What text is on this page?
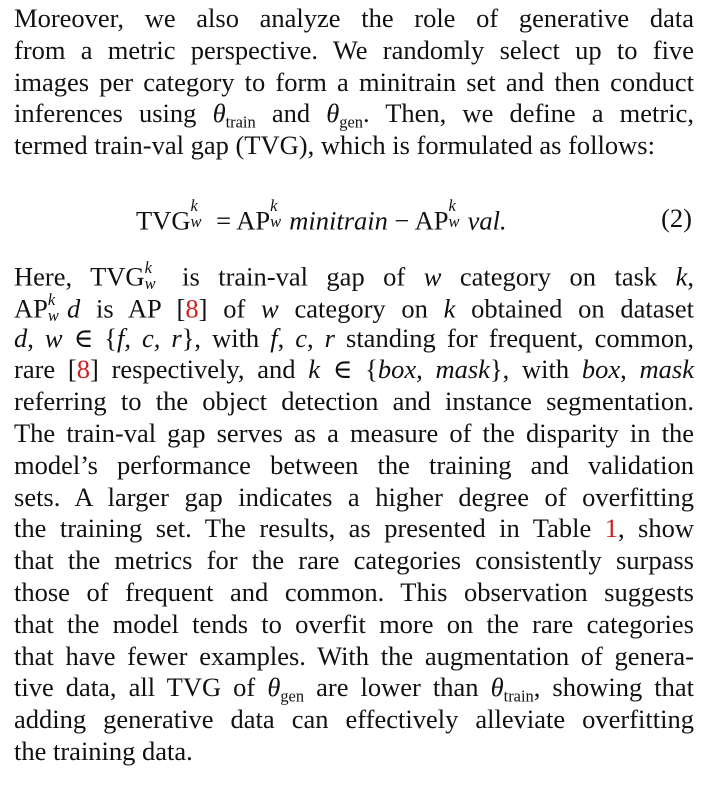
Moreover, we also analyze the role of generative data
from a metric perspective. We randomly select up to five
images per category to form a minitrain set and then conduct
inferences using $\theta_{train}$ and $\theta_{gen}$. Then, we define a metric,
termed train-val gap (TVG), which is formulated as follows:
TVG k
w = AP k
w minitrain − AP k
w val.	(2)
Here, TVG k
w is train-val gap of w category on task k,
AP k
w d is AP [8] of w category on k obtained on dataset
d, w ∈ {f, c, r}, with f, c, r standing for frequent, common,
rare [8] respectively, and k ∈ {box, mask}, with box, mask
referring to the object detection and instance segmentation.
The train-val gap serves as a measure of the disparity in the
model’s performance between the training and validation
sets. A larger gap indicates a higher degree of overfitting
the training set. The results, as presented in Table 1, show
that the metrics for the rare categories consistently surpass
those of frequent and common. This observation suggests
that the model tends to overfit more on the rare categories
that have fewer examples. With the augmentation of genera-
tive data, all TVG of $\theta_{gen}$ are lower than $\theta_{train}$, showing that
adding generative data can effectively alleviate overfitting
the training data.
